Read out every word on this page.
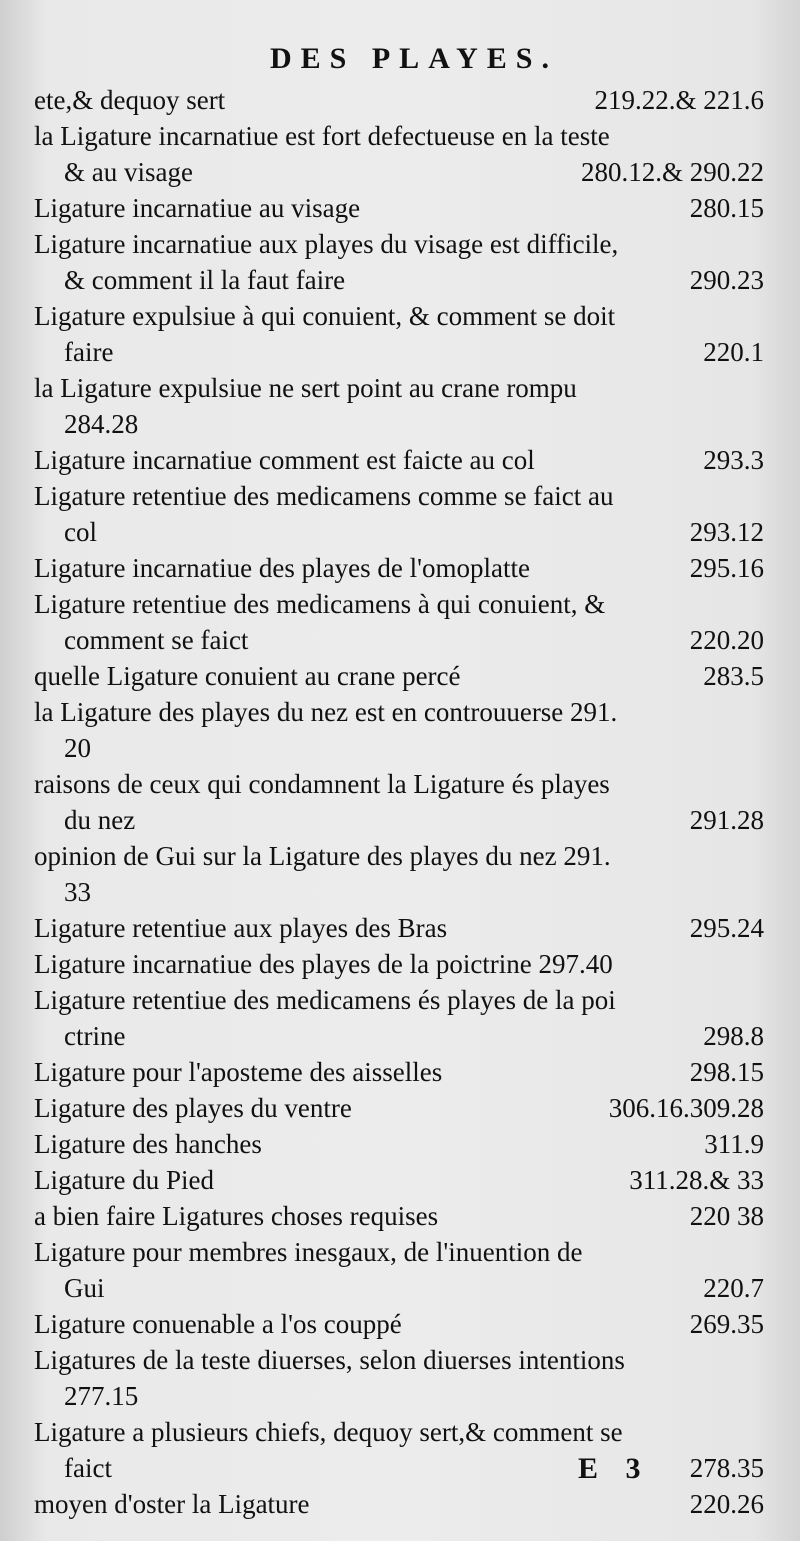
DES PLAYES.
ete,& dequoy sert	219.22.& 221.6
la Ligature incarnatiue est fort defectueuse en la teste
& au visage	280.12.& 290.22
Ligature incarnatiue au visage	280.15
Ligature incarnatiue aux playes du visage est difficile,
& comment il la faut faire	290.23
Ligature expulsiue à qui conuient, & comment se doit
faire	220.1
la Ligature expulsiue ne sert point au crane rompu
284.28
Ligature incarnatiue comment est faicte au col	293.3
Ligature retentiue des medicamens comme se faict au
col	293.12
Ligature incarnatiue des playes de l'omoplatte	295.16
Ligature retentiue des medicamens à qui conuient, &
comment se faict	220.20
quelle Ligature conuient au crane percé	283.5
la Ligature des playes du nez est en controuuerse 291.
20
raisons de ceux qui condamnent la Ligature és playes
du nez	291.28
opinion de Gui sur la Ligature des playes du nez 291.
33
Ligature retentiue aux playes des Bras	295.24
Ligature incarnatiue des playes de la poictrine 297.40
Ligature retentiue des medicamens és playes de la poi
ctrine	298.8
Ligature pour l'aposteme des aisselles	298.15
Ligature des playes du ventre	306.16.309.28
Ligature des hanches	311.9
Ligature du Pied	311.28.& 33
a bien faire Ligatures choses requises	220 38
Ligature pour membres inesgaux, de l'inuention de
Gui	220.7
Ligature conuenable a l'os couppé	269.35
Ligatures de la teste diuerses, selon diuerses intentions
277.15
Ligature a plusieurs chiefs, dequoy sert,& comment se
faict	278.35
moyen d'oster la Ligature	220.26
E 3
